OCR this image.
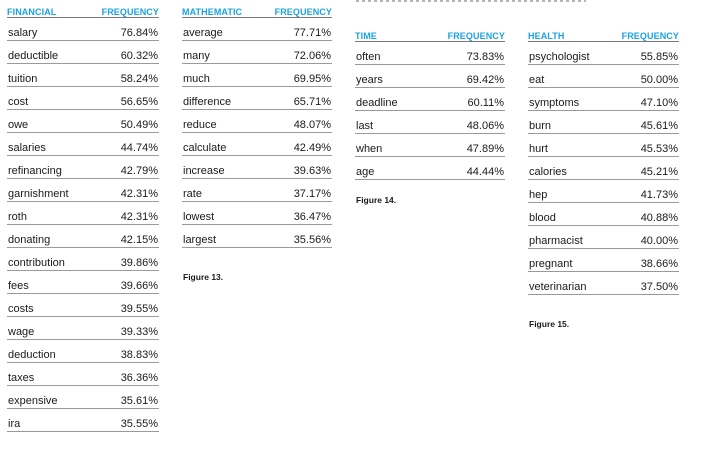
FINANCIAL	FREQUENCY
salary	76.84%
deductible	60.32%
tuition	58.24%
cost	56.65%
owe	50.49%
salaries	44.74%
refinancing	42.79%
garnishment	42.31%
roth	42.31%
donating	42.15%
contribution	39.86%
fees	39.66%
costs	39.55%
wage	39.33%
deduction	38.83%
taxes	36.36%
expensive	35.61%
ira	35.55%
MATHEMATIC	FREQUENCY
average	77.71%
many	72.06%
much	69.95%
difference	65.71%
reduce	48.07%
calculate	42.49%
increase	39.63%
rate	37.17%
lowest	36.47%
largest	35.56%
Figure 13.
TIME	FREQUENCY
often	73.83%
years	69.42%
deadline	60.11%
last	48.06%
when	47.89%
age	44.44%
Figure 14.
HEALTH	FREQUENCY
psychologist	55.85%
eat	50.00%
symptoms	47.10%
burn	45.61%
hurt	45.53%
calories	45.21%
hep	41.73%
blood	40.88%
pharmacist	40.00%
pregnant	38.66%
veterinarian	37.50%
Figure 15.
